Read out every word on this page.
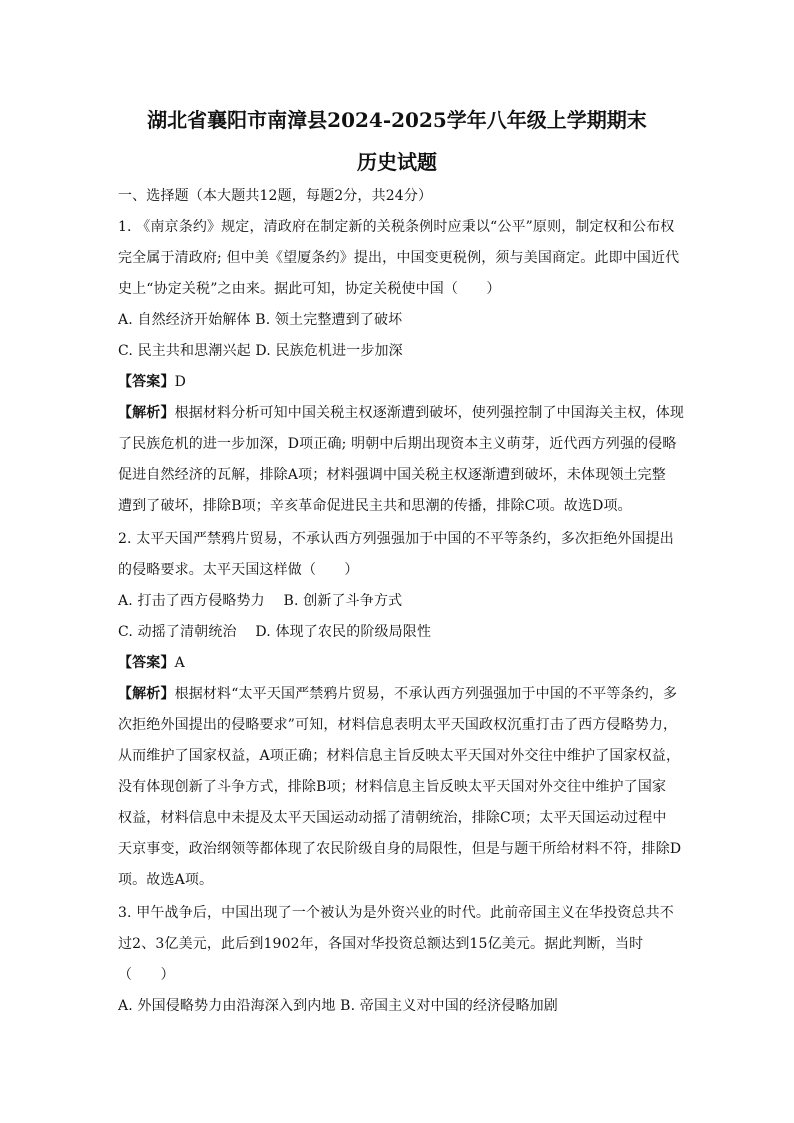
湖北省襄阳市南漳县2024-2025学年八年级上学期期末
历史试题
一、选择题（本大题共12题，每题2分，共24分）
1. 《南京条约》规定，清政府在制定新的关税条例时应秉以“公平”原则，制定权和公布权
完全属于清政府; 但中美《望厦条约》提出，中国变更税例，须与美国商定。此即中国近代
史上“协定关税”之由来。据此可知，协定关税使中国（　　）
A. 自然经济开始解体 B. 领土完整遭到了破坏
C. 民主共和思潮兴起 D. 民族危机进一步加深
【答案】D
【解析】根据材料分析可知中国关税主权逐渐遭到破坏，使列强控制了中国海关主权，体现
了民族危机的进一步加深，D项正确; 明朝中后期出现资本主义萌芽，近代西方列强的侵略
促进自然经济的瓦解，排除A项；材料强调中国关税主权逐渐遭到破坏，未体现领土完整
遭到了破坏，排除B项；辛亥革命促进民主共和思潮的传播，排除C项。故选D项。
2. 太平天国严禁鸦片贸易，不承认西方列强强加于中国的不平等条约，多次拒绝外国提出
的侵略要求。太平天国这样做（　　）
A. 打击了西方侵略势力　 B. 创新了斗争方式
C. 动摇了清朝统治　 D. 体现了农民的阶级局限性
【答案】A
【解析】根据材料“太平天国严禁鸦片贸易，不承认西方列强强加于中国的不平等条约，多
次拒绝外国提出的侵略要求”可知，材料信息表明太平天国政权沉重打击了西方侵略势力，
从而维护了国家权益，A项正确；材料信息主旨反映太平天国对外交往中维护了国家权益，
没有体现创新了斗争方式，排除B项；材料信息主旨反映太平天国对外交往中维护了国家
权益，材料信息中未提及太平天国运动动摇了清朝统治，排除C项；太平天国运动过程中
天京事变，政治纲领等都体现了农民阶级自身的局限性，但是与题干所给材料不符，排除D
项。故选A项。
3. 甲午战争后，中国出现了一个被认为是外资兴业的时代。此前帝国主义在华投资总共不
过2、3亿美元，此后到1902年，各国对华投资总额达到15亿美元。据此判断，当时
（　　）
A. 外国侵略势力由沿海深入到内地 B. 帝国主义对中国的经济侵略加剧
